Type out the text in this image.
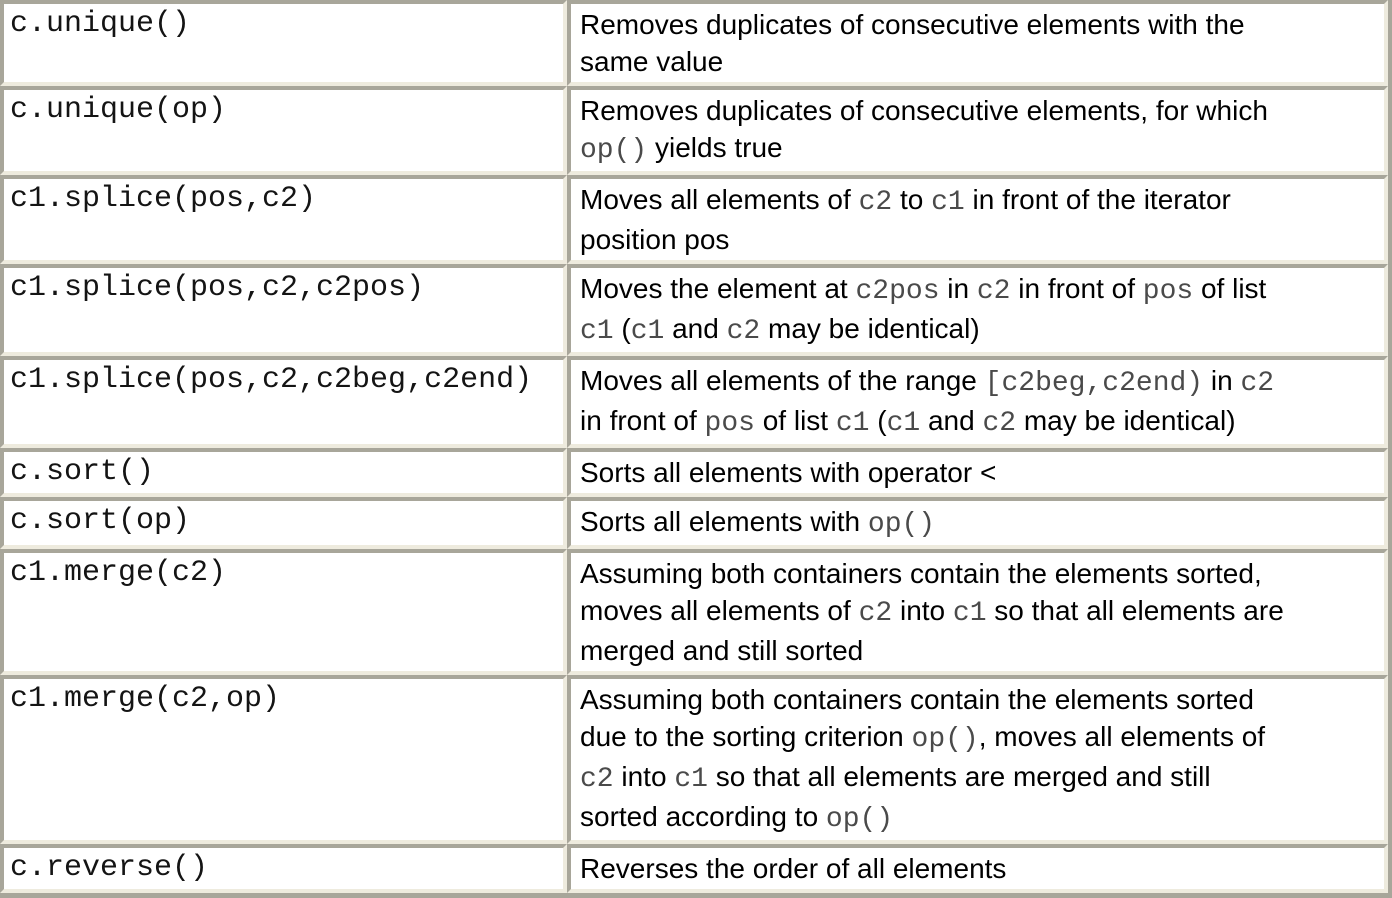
c.unique()	Removes duplicates of consecutive elements with the
same value

c.unique(op)	Removes duplicates of consecutive elements, for which
op() yields true

c1.splice(pos,c2)	Moves all elements of c2 to c1 in front of the iterator
position pos

c1.splice(pos,c2,c2pos)	Moves the element at c2pos in c2 in front of pos of list
c1 (c1 and c2 may be identical)

c1.splice(pos,c2,c2beg,c2end)	Moves all elements of the range [c2beg,c2end) in c2
in front of pos of list c1 (c1 and c2 may be identical)

c.sort()	Sorts all elements with operator <

c.sort(op)	Sorts all elements with op()

c1.merge(c2)	Assuming both containers contain the elements sorted,
moves all elements of c2 into c1 so that all elements are
merged and still sorted

c1.merge(c2,op)	Assuming both containers contain the elements sorted
due to the sorting criterion op(), moves all elements of
c2 into c1 so that all elements are merged and still
sorted according to op()

c.reverse()	Reverses the order of all elements
